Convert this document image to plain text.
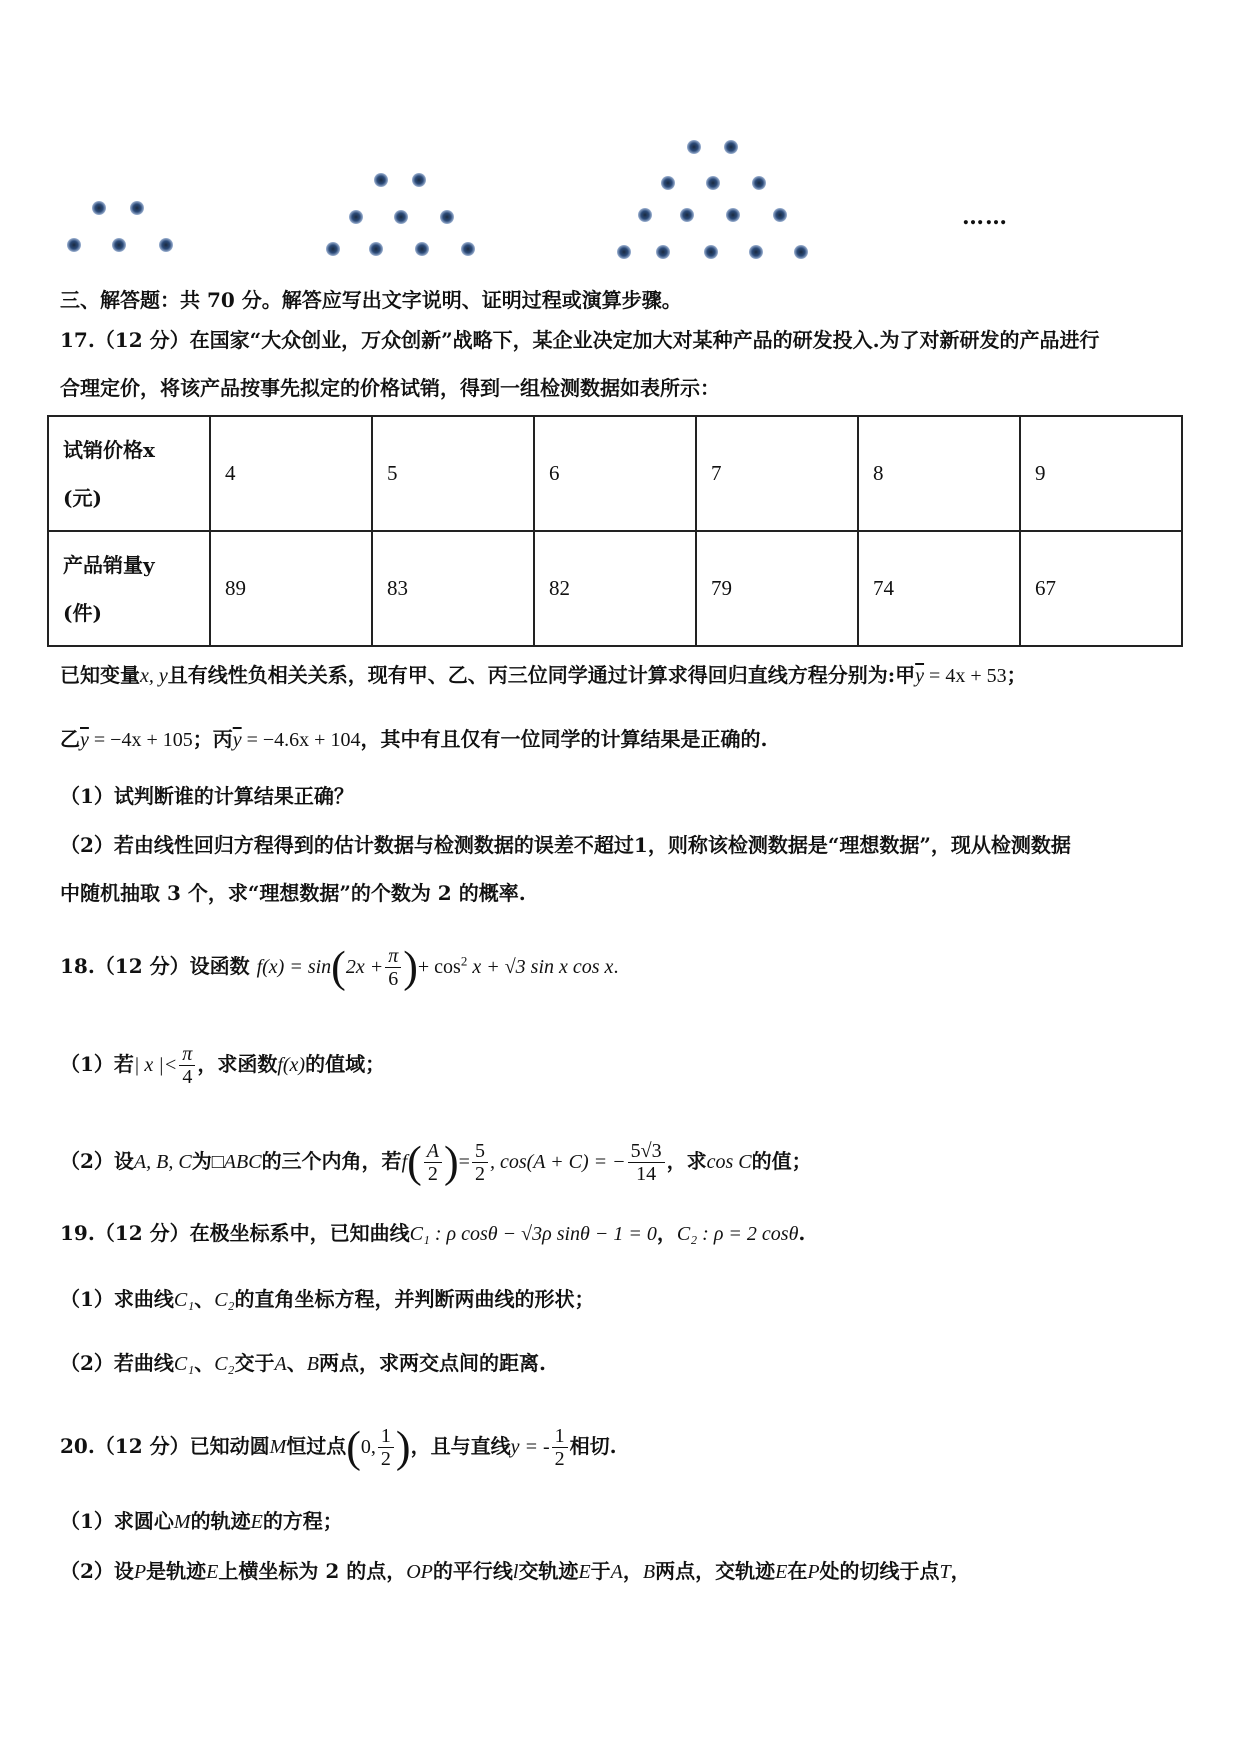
……
三、解答题：共 70 分。解答应写出文字说明、证明过程或演算步骤。
17.（12 分）在国家“大众创业，万众创新”战略下，某企业决定加大对某种产品的研发投入.为了对新研发的产品进行
合理定价，将该产品按事先拟定的价格试销，得到一组检测数据如表所示：
试销价格x
(元)	4	5	6	7	8	9
产品销量y
(件)	89	83	82	79	74	67
已知变量x, y且有线性负相关关系，现有甲、乙、丙三位同学通过计算求得回归直线方程分别为:甲$\overline{y} = 4x + 53$；
乙$\overline{y} = -4x + 105$；丙$\overline{y} = -4.6x + 104$，其中有且仅有一位同学的计算结果是正确的.
（1）试判断谁的计算结果正确？
（2）若由线性回归方程得到的估计数据与检测数据的误差不超过1，则称该检测数据是“理想数据”，现从检测数据
中随机抽取 3 个，求“理想数据”的个数为 2 的概率.
18.（12 分）设函数 $f(x) = \sin(2x + \frac{\pi}{6}$ )+ $\cos^2 x + √3$ sin x cos x.
（1）若| x |< $\frac{\pi}{4}$ ，求函数f(x)的值域；
（2）设A, B, C为□ABC的三个内角，若$f( \frac{A}{2}$ )= $\frac{5}{2}$ , cos(A + C) = − $\frac{5√3}{14}$ ，求cos C的值；
19.（12 分）在极坐标系中，已知曲线C₁ : ρ cosθ − √3ρ sinθ − 1 = 0，C₂ : ρ = 2 cosθ.
（1）求曲线C₁、C₂的直角坐标方程，并判断两曲线的形状；
（2）若曲线C₁、C₂交于A、B两点，求两交点间的距离.
20.（12 分）已知动圆M恒过点(0, $\frac{1}{2}$ )，且与直线y = - $\frac{1}{2}$ 相切.
（1）求圆心M的轨迹E的方程；
（2）设P是轨迹E上横坐标为 2 的点，OP的平行线l交轨迹E于A，B两点，交轨迹E在P处的切线于点T，
